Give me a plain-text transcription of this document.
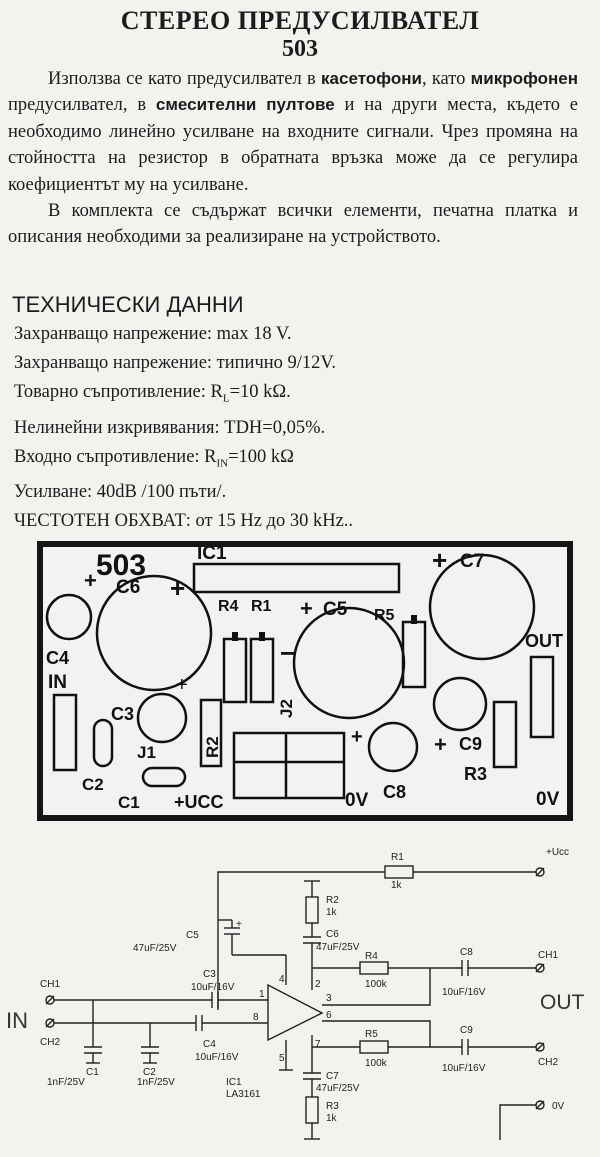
СТЕРЕО ПРЕДУСИЛВАТЕЛ
503

Използва се като предусилвател в касетофони, като микрофонен предусилвател, в смесителни пултове и на други места, където е необходимо линейно усилване на входните сигнали. Чрез промяна на стойността на резистор в обратната връзка може да се регулира коефициентът му на усилване.

В комплекта се съдържат всички елементи, печатна платка и описания необходими за реализиране на устройството.

ТЕХНИЧЕСКИ ДАННИ
Захранващо напрежение: max 18 V.
Захранващо напрежение: типично 9/12V.
Товарно съпротивление: $R_L=10$ kΩ.
Нелинейни изкривявания: TDH=0,05%.
Входно съпротивление: $R_{IN}=100$ kΩ
Усилване: 40dB /100 пъти/.
ЧЕСТОТЕН ОБХВАТ: от 15 Hz до 30 kHz..
503	IC1
+ C6 +
R4 R1 + C5 R5
+ C7
OUT
C4
IN	+
C3
−
+	+ C9
R3
C8	0V
0V
+UCC
C1
C2
J1	R2
J2
R1
1k
+Ucc
R2
1k
C5
47uF/25V
+
C6
47uF/25V
R4
100k
C8
10uF/16V
CH1
C3
10uF/16V
CH1
CH2	C4
10uF/16V
C9
10uF/16V
R5
100k	CH2
C1
1nF/25V
C2
1nF/25V	IC1
LA3161
C7
47uF/25V
R3
1k
0V
1
2
3
4
5
6
7
8
IN
OUT
